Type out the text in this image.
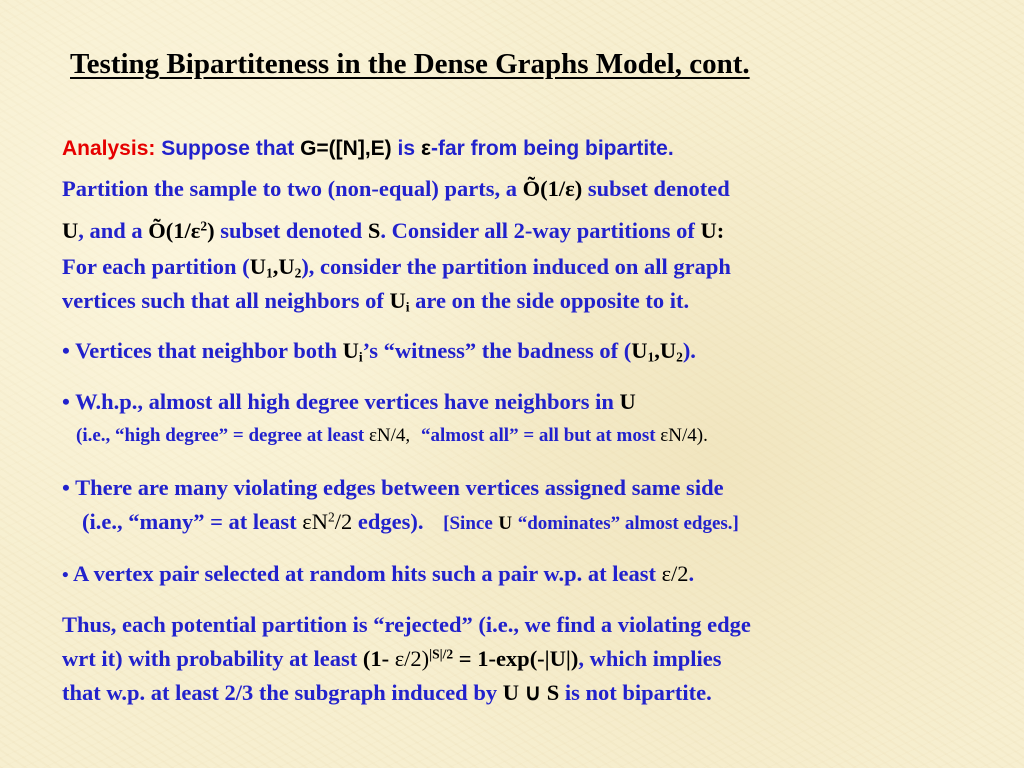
Testing Bipartiteness in the Dense Graphs Model, cont.
Analysis: Suppose that G=([N],E) is ε-far from being bipartite.
Partition the sample to two (non-equal) parts, a Õ(1/ε) subset denoted
U, and a $Õ(1/\varepsilon^2)$ subset denoted S. Consider all 2-way partitions of U:
For each partition $(U_1,U_2)$, consider the partition induced on all graph
vertices such that all neighbors of $U_i$ are on the side opposite to it.
• Vertices that neighbor both $U_i’s$ “witness” the badness of $(U_1,U_2)$.
• W.h.p., almost all high degree vertices have neighbors in U
(i.e., “high degree” = degree at least εN/4, “almost all” = all but at most εN/4).
• There are many violating edges between vertices assigned same side
(i.e., “many” = at least $\varepsilon N^2/2$ edges). [Since U “dominates” almost edges.]
• A vertex pair selected at random hits such a pair w.p. at least ε/2.
Thus, each potential partition is “rejected” (i.e., we find a violating edge
wrt it) with probability at least (1- ε/2)$^{|S|/2}$ = 1-exp(-|U|), which implies
that w.p. at least 2/3 the subgraph induced by U ∪ S is not bipartite.
